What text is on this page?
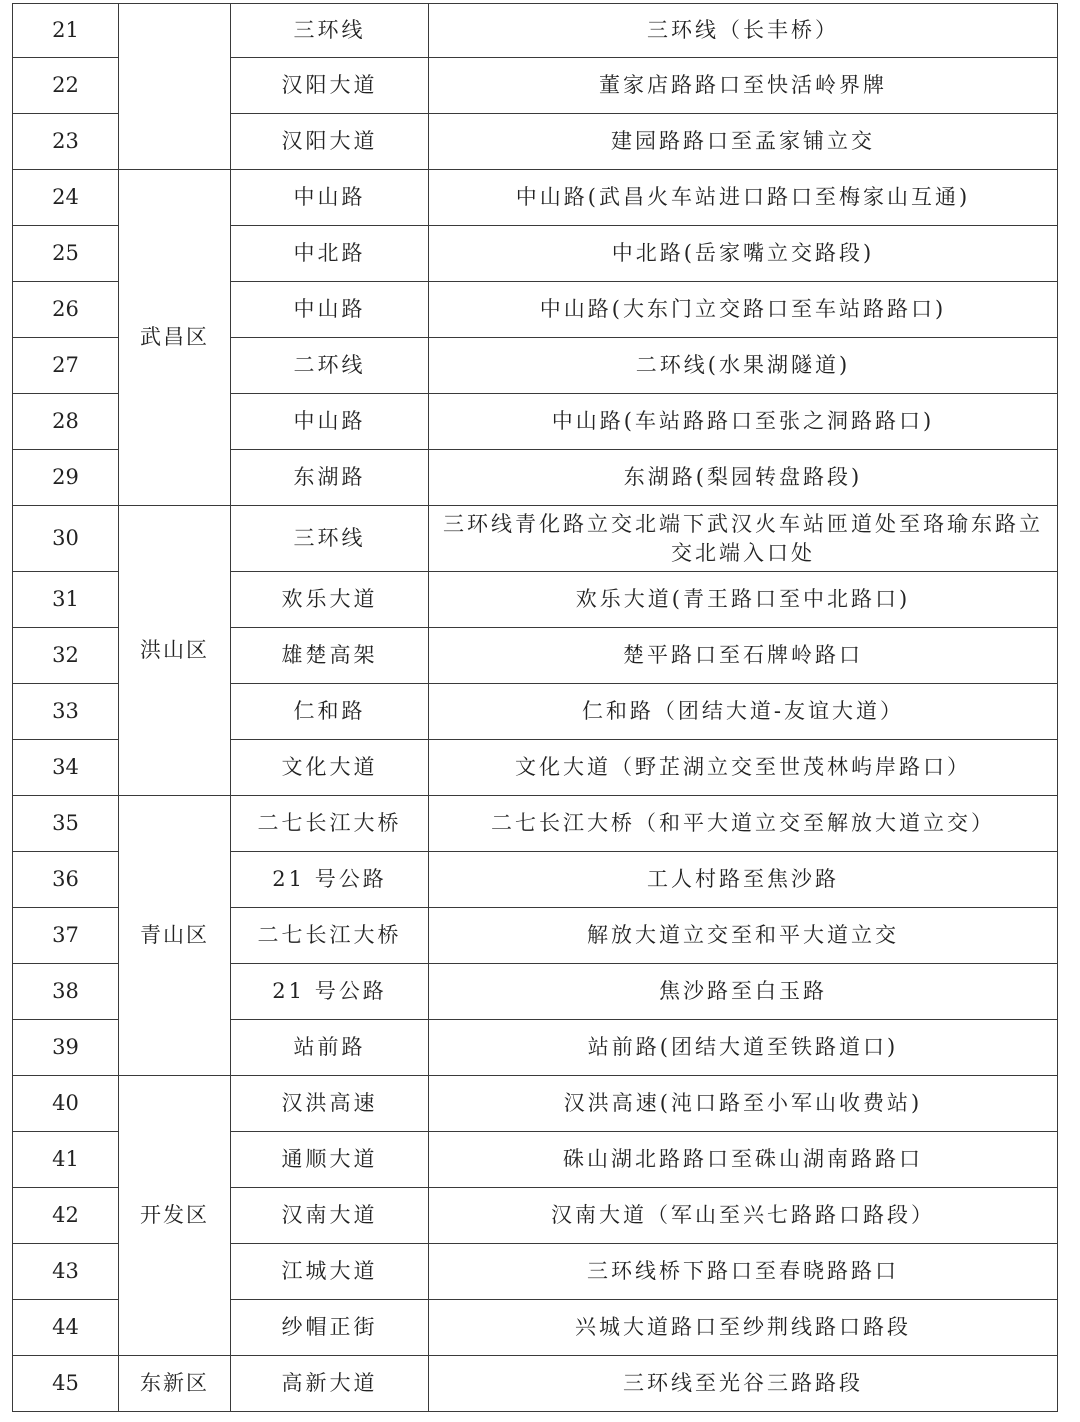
21		三环线	三环线（长丰桥）
22		汉阳大道	董家店路路口至快活岭界牌
23		汉阳大道	建园路路口至孟家铺立交
24	武昌区	中山路	中山路(武昌火车站进口路口至梅家山互通)
25		中北路	中北路(岳家嘴立交路段)
26		中山路	中山路(大东门立交路口至车站路路口)
27		二环线	二环线(水果湖隧道)
28		中山路	中山路(车站路路口至张之洞路路口)
29		东湖路	东湖路(梨园转盘路段)
30	洪山区	三环线	三环线青化路立交北端下武汉火车站匝道处至珞瑜东路立交北端入口处
31		欢乐大道	欢乐大道(青王路口至中北路口)
32		雄楚高架	楚平路口至石牌岭路口
33		仁和路	仁和路（团结大道-友谊大道）
34		文化大道	文化大道（野芷湖立交至世茂林屿岸路口）
35	青山区	二七长江大桥	二七长江大桥（和平大道立交至解放大道立交）
36		21 号公路	工人村路至焦沙路
37		二七长江大桥	解放大道立交至和平大道立交
38		21 号公路	焦沙路至白玉路
39		站前路	站前路(团结大道至铁路道口)
40	开发区	汉洪高速	汉洪高速(沌口路至小军山收费站)
41		通顺大道	硃山湖北路路口至硃山湖南路路口
42		汉南大道	汉南大道（军山至兴七路路口路段）
43		江城大道	三环线桥下路口至春晓路路口
44		纱帽正街	兴城大道路口至纱荆线路口路段
45	东新区	高新大道	三环线至光谷三路路段
